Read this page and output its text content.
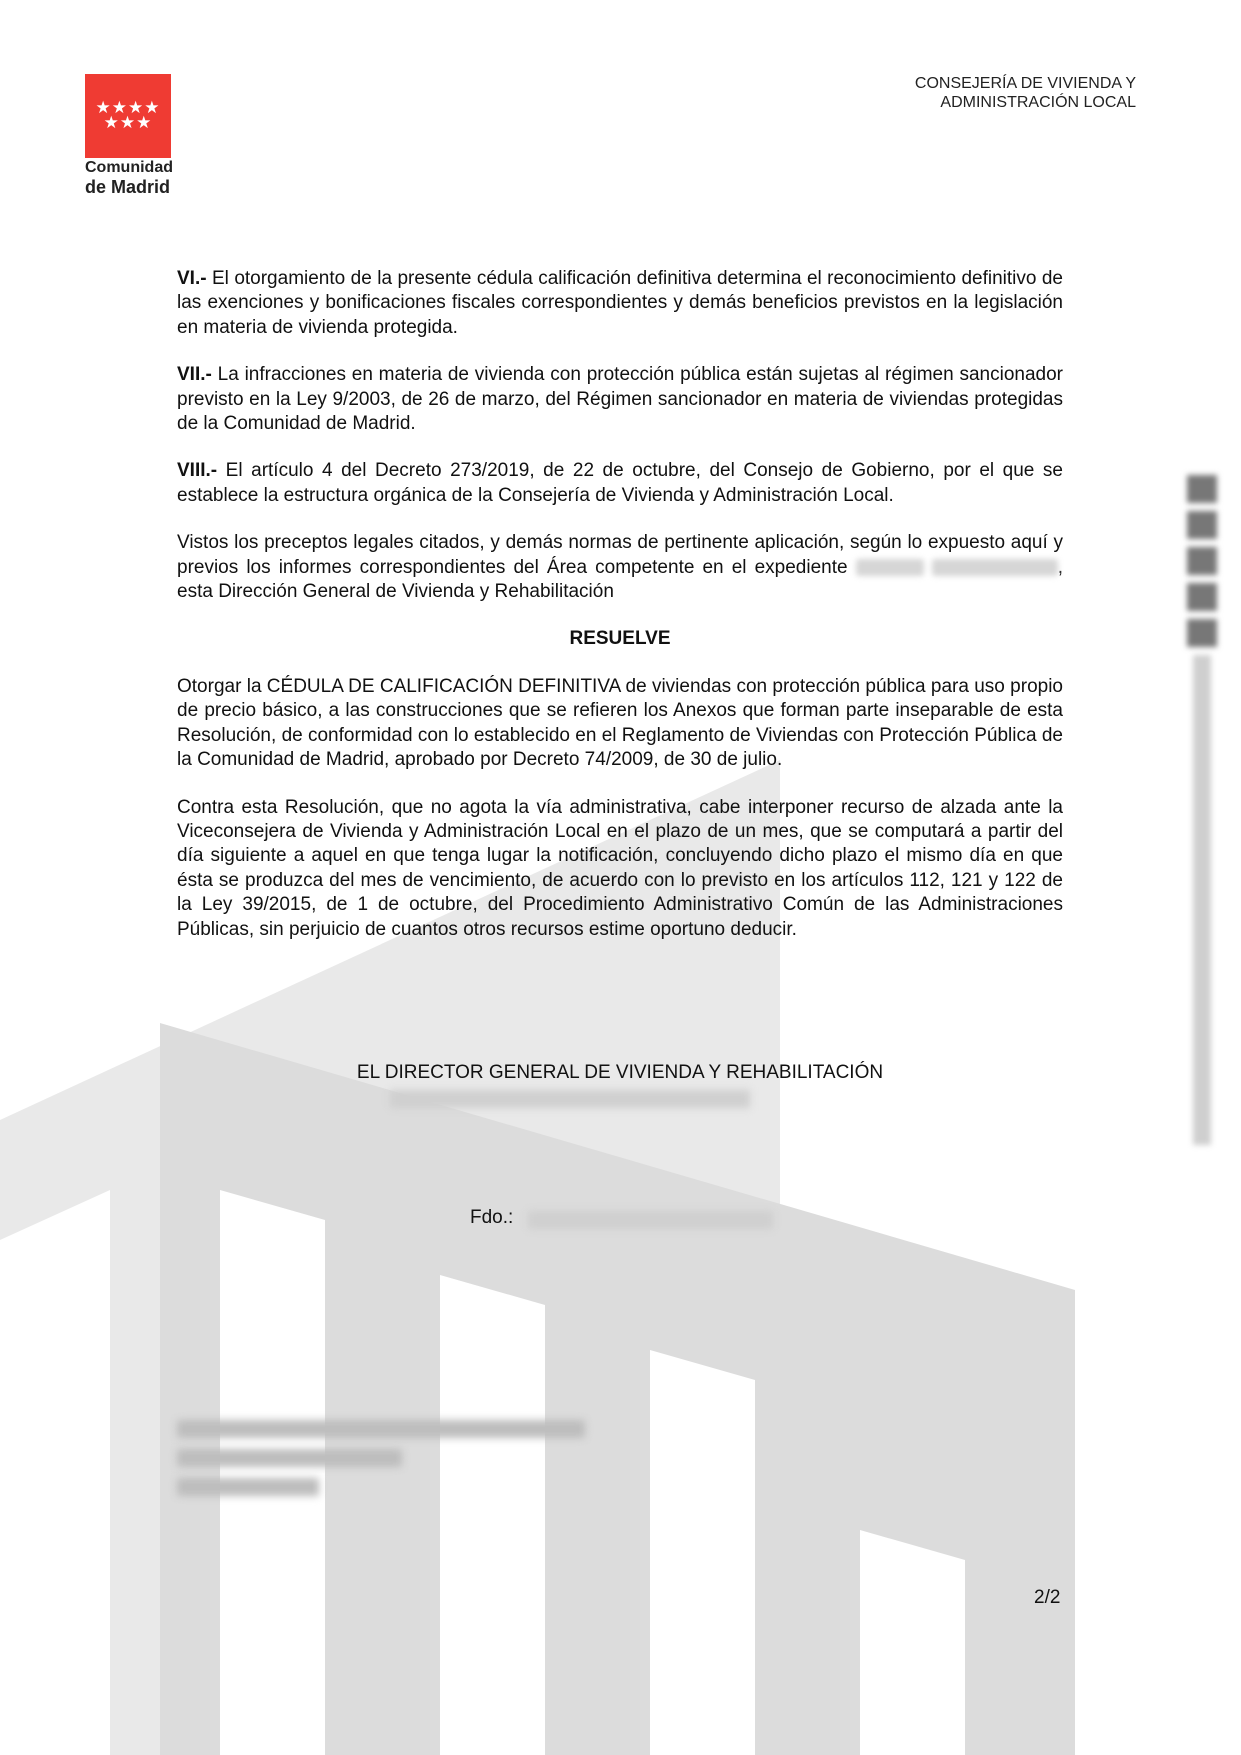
★★★★
★★★
Comunidad
de Madrid
CONSEJERÍA DE VIVIENDA Y
ADMINISTRACIÓN LOCAL

VI.- El otorgamiento de la presente cédula calificación definitiva determina el reconocimiento definitivo de las exenciones y bonificaciones fiscales correspondientes y demás beneficios previstos en la legislación en materia de vivienda protegida.

VII.- La infracciones en materia de vivienda con protección pública están sujetas al régimen sancionador previsto en la Ley 9/2003, de 26 de marzo, del Régimen sancionador en materia de viviendas protegidas de la Comunidad de Madrid.

VIII.- El artículo 4 del Decreto 273/2019, de 22 de octubre, del Consejo de Gobierno, por el que se establece la estructura orgánica de la Consejería de Vivienda y Administración Local.

Vistos los preceptos legales citados, y demás normas de pertinente aplicación, según lo expuesto aquí y previos los informes correspondientes del Área competente en el expediente	, esta Dirección General de Vivienda y Rehabilitación

RESUELVE

Otorgar la CÉDULA DE CALIFICACIÓN DEFINITIVA de viviendas con protección pública para uso propio de precio básico, a las construcciones que se refieren los Anexos que forman parte inseparable de esta Resolución, de conformidad con lo establecido en el Reglamento de Viviendas con Protección Pública de la Comunidad de Madrid, aprobado por Decreto 74/2009, de 30 de julio.

Contra esta Resolución, que no agota la vía administrativa, cabe interponer recurso de alzada ante la Viceconsejera de Vivienda y Administración Local en el plazo de un mes, que se computará a partir del día siguiente a aquel en que tenga lugar la notificación, concluyendo dicho plazo el mismo día en que ésta se produzca del mes de vencimiento, de acuerdo con lo previsto en los artículos 112, 121 y 122 de la Ley 39/2015, de 1 de octubre, del Procedimiento Administrativo Común de las Administraciones Públicas, sin perjuicio de cuantos otros recursos estime oportuno deducir.

EL DIRECTOR GENERAL DE VIVIENDA Y REHABILITACIÓN
Fdo.:
2/2
